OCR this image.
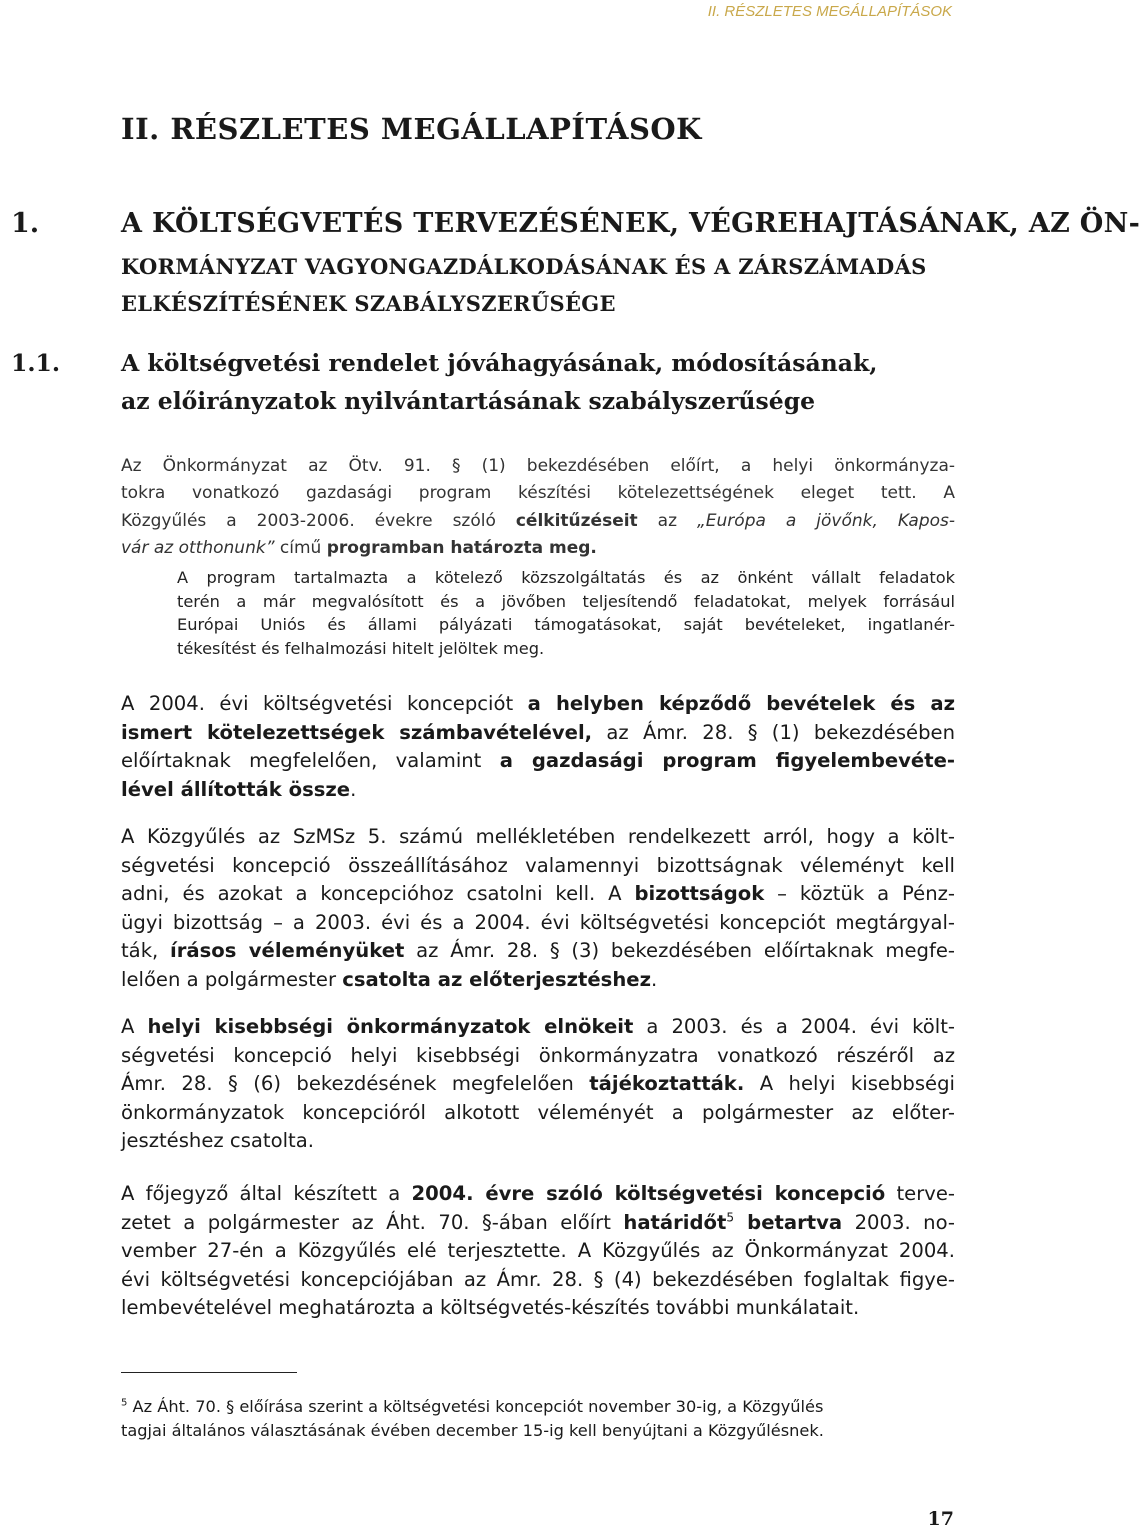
II. RÉSZLETES MEGÁLLAPÍTÁSOK
II. RÉSZLETES MEGÁLLAPÍTÁSOK
1.	A KÖLTSÉGVETÉS TERVEZÉSÉNEK, VÉGREHAJTÁSÁNAK, AZ ÖN-
KORMÁNYZAT VAGYONGAZDÁLKODÁSÁNAK ÉS A ZÁRSZÁMADÁS
ELKÉSZÍTÉSÉNEK SZABÁLYSZERŰSÉGE
1.1.	A költségvetési rendelet jóváhagyásának, módosításának,
az előirányzatok nyilvántartásának szabályszerűsége
Az Önkormányzat az Ötv. 91. § (1) bekezdésében előírt, a helyi önkormányza-
tokra vonatkozó gazdasági program készítési kötelezettségének eleget tett. A
Közgyűlés a 2003-2006. évekre szóló célkitűzéseit az „Európa a jövőnk, Kapos-
vár az otthonunk” című programban határozta meg.
A program tartalmazta a kötelező közszolgáltatás és az önként vállalt feladatok
terén a már megvalósított és a jövőben teljesítendő feladatokat, melyek forrásául
Európai Uniós és állami pályázati támogatásokat, saját bevételeket, ingatlanér-
tékesítést és felhalmozási hitelt jelöltek meg.
A 2004. évi költségvetési koncepciót a helyben képződő bevételek és az
ismert kötelezettségek számbavételével, az Ámr. 28. § (1) bekezdésében
előírtaknak megfelelően, valamint a gazdasági program figyelembevéte-
lével állították össze.
A Közgyűlés az SzMSz 5. számú mellékletében rendelkezett arról, hogy a költ-
ségvetési koncepció összeállításához valamennyi bizottságnak véleményt kell
adni, és azokat a koncepcióhoz csatolni kell. A bizottságok – köztük a Pénz-
ügyi bizottság – a 2003. évi és a 2004. évi költségvetési koncepciót megtárgyal-
ták, írásos véleményüket az Ámr. 28. § (3) bekezdésében előírtaknak megfe-
lelően a polgármester csatolta az előterjesztéshez.
A helyi kisebbségi önkormányzatok elnökeit a 2003. és a 2004. évi költ-
ségvetési koncepció helyi kisebbségi önkormányzatra vonatkozó részéről az
Ámr. 28. § (6) bekezdésének megfelelően tájékoztatták. A helyi kisebbségi
önkormányzatok koncepcióról alkotott véleményét a polgármester az előter-
jesztéshez csatolta.
A főjegyző által készített a 2004. évre szóló költségvetési koncepció terve-
zetet a polgármester az Áht. 70. §-ában előírt határidőt$^5$ betartva 2003. no-
vember 27-én a Közgyűlés elé terjesztette. A Közgyűlés az Önkormányzat 2004.
évi költségvetési koncepciójában az Ámr. 28. § (4) bekezdésében foglaltak figye-
lembevételével meghatározta a költségvetés-készítés további munkálatait.
$^5$ Az Áht. 70. § előírása szerint a költségvetési koncepciót november 30-ig, a Közgyűlés
tagjai általános választásának évében december 15-ig kell benyújtani a Közgyűlésnek.
17
